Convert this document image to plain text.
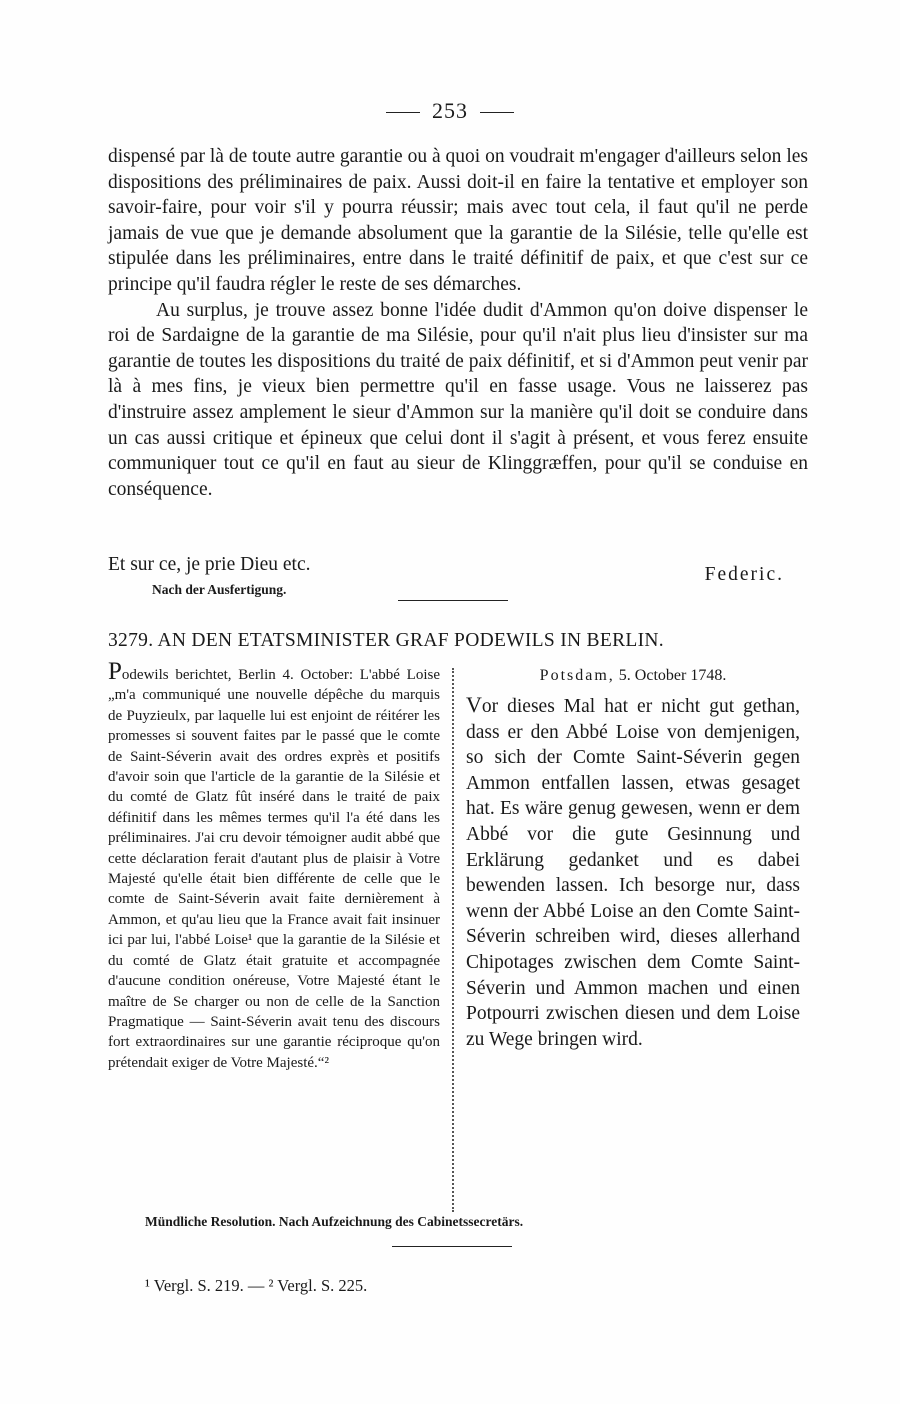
253

dispensé par là de toute autre garantie ou à quoi on voudrait m'engager d'ailleurs selon les dispositions des préliminaires de paix. Aussi doit-il en faire la tentative et employer son savoir-faire, pour voir s'il y pourra réussir; mais avec tout cela, il faut qu'il ne perde jamais de vue que je demande absolument que la garantie de la Silésie, telle qu'elle est stipulée dans les préliminaires, entre dans le traité définitif de paix, et que c'est sur ce principe qu'il faudra régler le reste de ses démarches.

Au surplus, je trouve assez bonne l'idée dudit d'Ammon qu'on doive dispenser le roi de Sardaigne de la garantie de ma Silésie, pour qu'il n'ait plus lieu d'insister sur ma garantie de toutes les dispositions du traité de paix définitif, et si d'Ammon peut venir par là à mes fins, je vieux bien permettre qu'il en fasse usage. Vous ne laisserez pas d'instruire assez amplement le sieur d'Ammon sur la manière qu'il doit se conduire dans un cas aussi critique et épineux que celui dont il s'agit à présent, et vous ferez ensuite communiquer tout ce qu'il en faut au sieur de Klinggræffen, pour qu'il se conduise en conséquence.

Et sur ce, je prie Dieu etc.	Federic.
Nach der Ausfertigung.
3279. AN DEN ETATSMINISTER GRAF PODEWILS IN BERLIN.
Podewils berichtet, Berlin 4. October: L'abbé Loise „m'a communiqué une nouvelle dépêche du marquis de Puyzieulx, par laquelle lui est enjoint de réitérer les promesses si souvent faites par le passé que le comte de Saint-Séverin avait des ordres exprès et positifs d'avoir soin que l'article de la garantie de la Silésie et du comté de Glatz fût inséré dans le traité de paix définitif dans les mêmes termes qu'il l'a été dans les préliminaires. J'ai cru devoir témoigner audit abbé que cette déclaration ferait d'autant plus de plaisir à Votre Majesté qu'elle était bien différente de celle que le comte de Saint-Séverin avait faite dernièrement à Ammon, et qu'au lieu que la France avait fait insinuer ici par lui, l'abbé Loise¹ que la garantie de la Silésie et du comté de Glatz était gratuite et accompagnée d'aucune condition onéreuse, Votre Majesté étant le maître de Se charger ou non de celle de la Sanction Pragmatique — Saint-Séverin avait tenu des discours fort extraordinaires sur une garantie réciproque qu'on prétendait exiger de Votre Majesté.“²
Potsdam, 5. October 1748.
Vor dieses Mal hat er nicht gut gethan, dass er den Abbé Loise von demjenigen, so sich der Comte Saint-Séverin gegen Ammon entfallen lassen, etwas gesaget hat. Es wäre genug gewesen, wenn er dem Abbé vor die gute Gesinnung und Erklärung gedanket und es dabei bewenden lassen. Ich besorge nur, dass wenn der Abbé Loise an den Comte Saint-Séverin schreiben wird, dieses allerhand Chipotages zwischen dem Comte Saint-Séverin und Ammon machen und einen Potpourri zwischen diesen und dem Loise zu Wege bringen wird.
Mündliche Resolution. Nach Aufzeichnung des Cabinetssecretärs.
¹ Vergl. S. 219. — ² Vergl. S. 225.
